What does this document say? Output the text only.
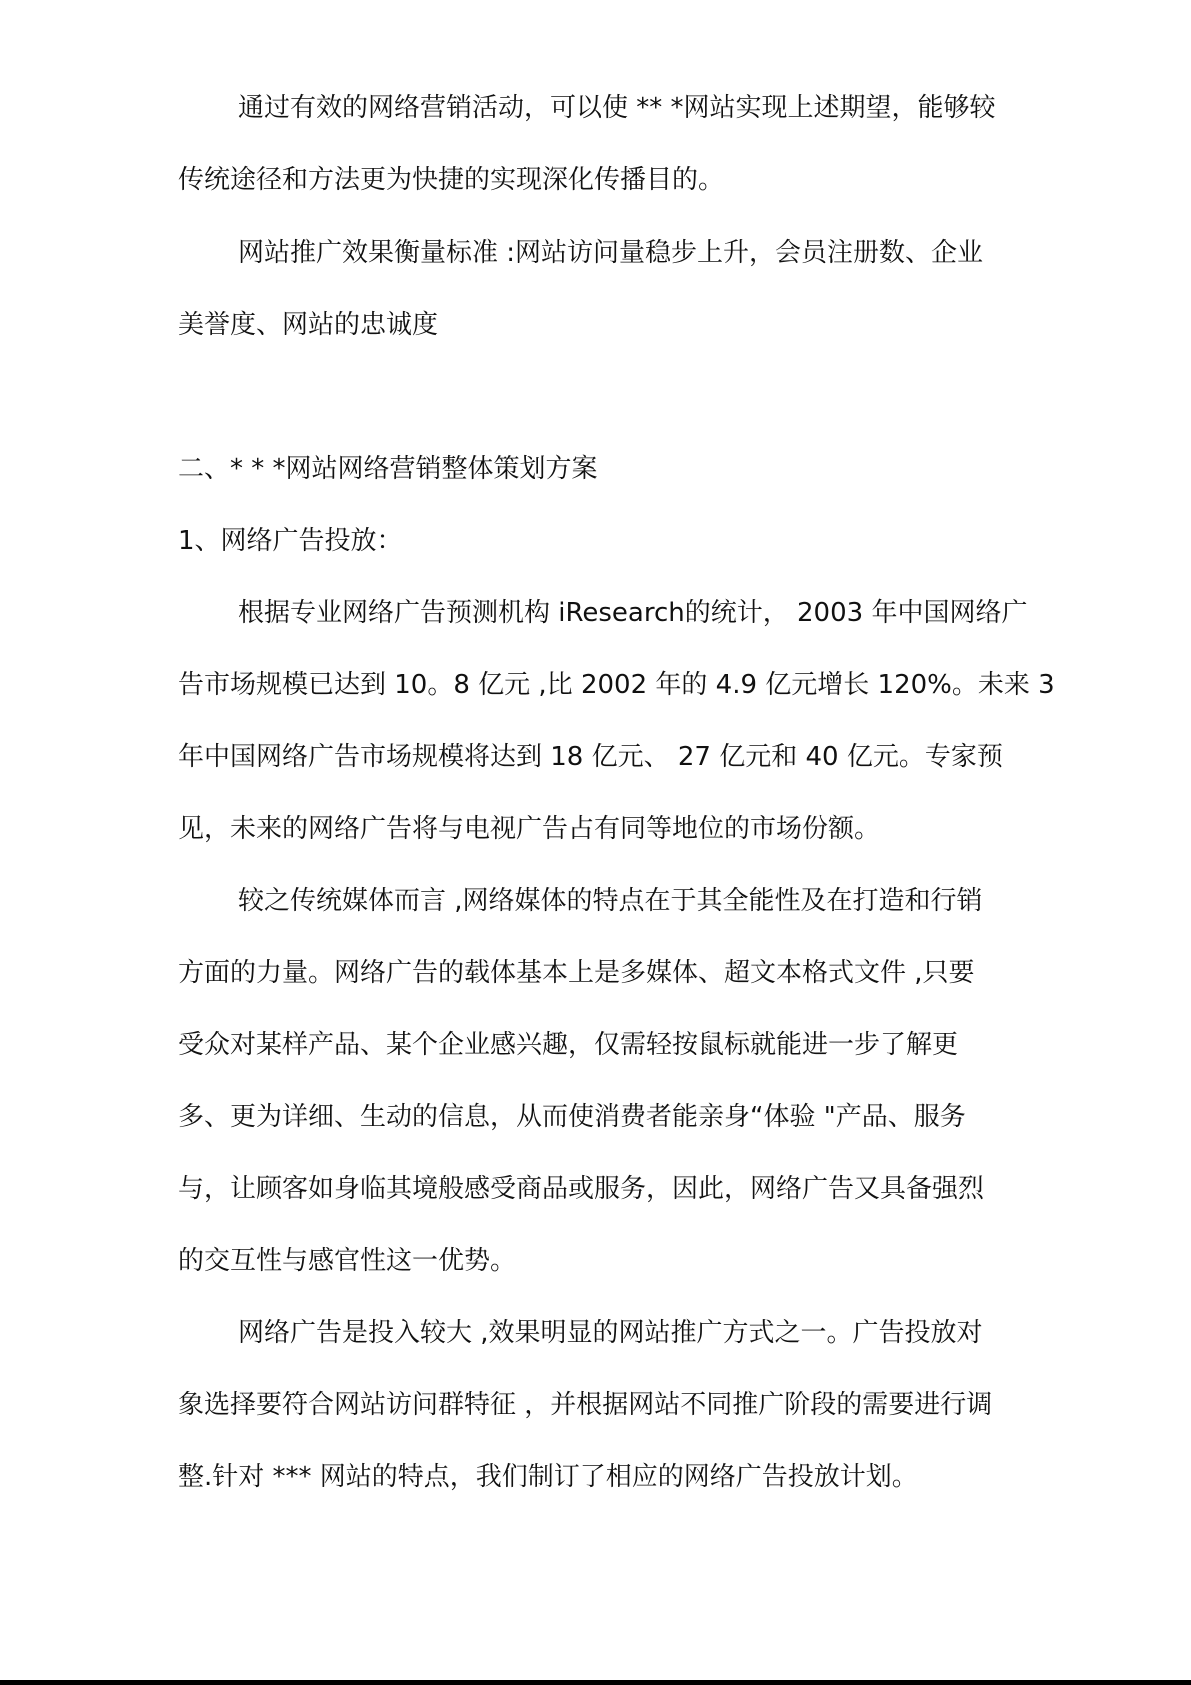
通过有效的网络营销活动，可以使 ** *网站实现上述期望，能够较

传统途径和方法更为快捷的实现深化传播目的。

网站推广效果衡量标准 :网站访问量稳步上升，会员注册数、企业

美誉度、网站的忠诚度

二、* * *网站网络营销整体策划方案

1、网络广告投放：

根据专业网络广告预测机构 iResearch的统计， 2003 年中国网络广

告市场规模已达到 10。8 亿元 ,比 2002 年的 4.9 亿元增长 120%。未来 3

年中国网络广告市场规模将达到 18 亿元、 27 亿元和 40 亿元。专家预

见，未来的网络广告将与电视广告占有同等地位的市场份额。

较之传统媒体而言 ,网络媒体的特点在于其全能性及在打造和行销

方面的力量。网络广告的载体基本上是多媒体、超文本格式文件 ,只要

受众对某样产品、某个企业感兴趣，仅需轻按鼠标就能进一步了解更

多、更为详细、生动的信息，从而使消费者能亲身“体验 "产品、服务

与，让顾客如身临其境般感受商品或服务，因此，网络广告又具备强烈

的交互性与感官性这一优势。

网络广告是投入较大 ,效果明显的网站推广方式之一。广告投放对

象选择要符合网站访问群特征 ，并根据网站不同推广阶段的需要进行调

整.针对 *** 网站的特点，我们制订了相应的网络广告投放计划。
